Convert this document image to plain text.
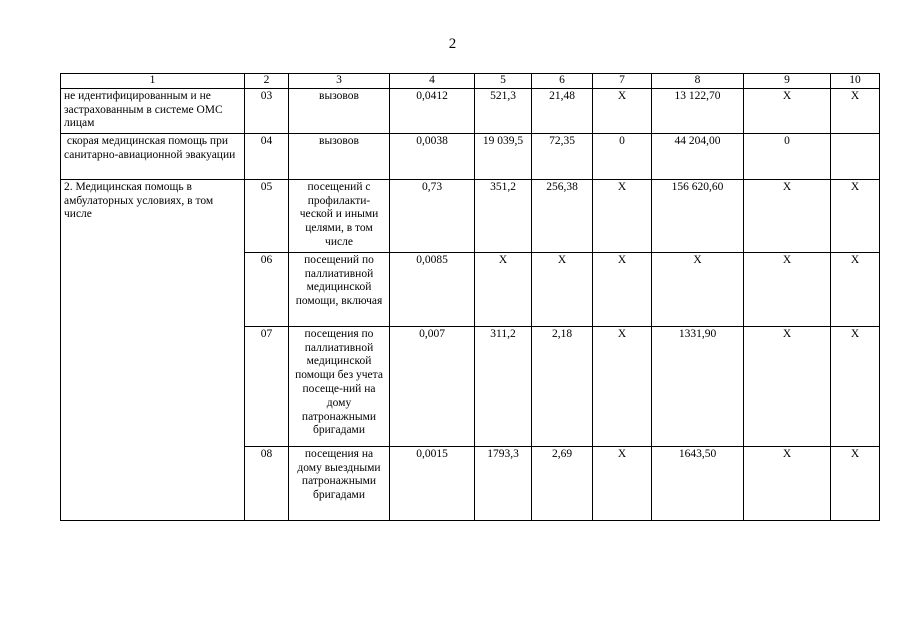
2
1	2	3	4	5	6	7	8	9	10
не идентифицированным и не застрахованным в системе ОМС лицам	03	вызовов	0,0412	521,3	21,48	X	13 122,70	X	X
скорая медицинская помощь при санитарно-авиационной эвакуации	04	вызовов	0,0038	19 039,5	72,35	0	44 204,00	0	
2. Медицинская помощь в амбулаторных условиях, в том числе	05	посещений с профилакти-ческой и иными целями, в том числе	0,73	351,2	256,38	X	156 620,60	X	X
	06	посещений по паллиативной медицинской помощи, включая	0,0085	X	X	X	X	X	X
	07	посещения по паллиативной медицинской помощи без учета посеще-ний на дому патронажными бригадами	0,007	311,2	2,18	X	1331,90	X	X
	08	посещения на дому выездными патронажными бригадами	0,0015	1793,3	2,69	X	1643,50	X	X
